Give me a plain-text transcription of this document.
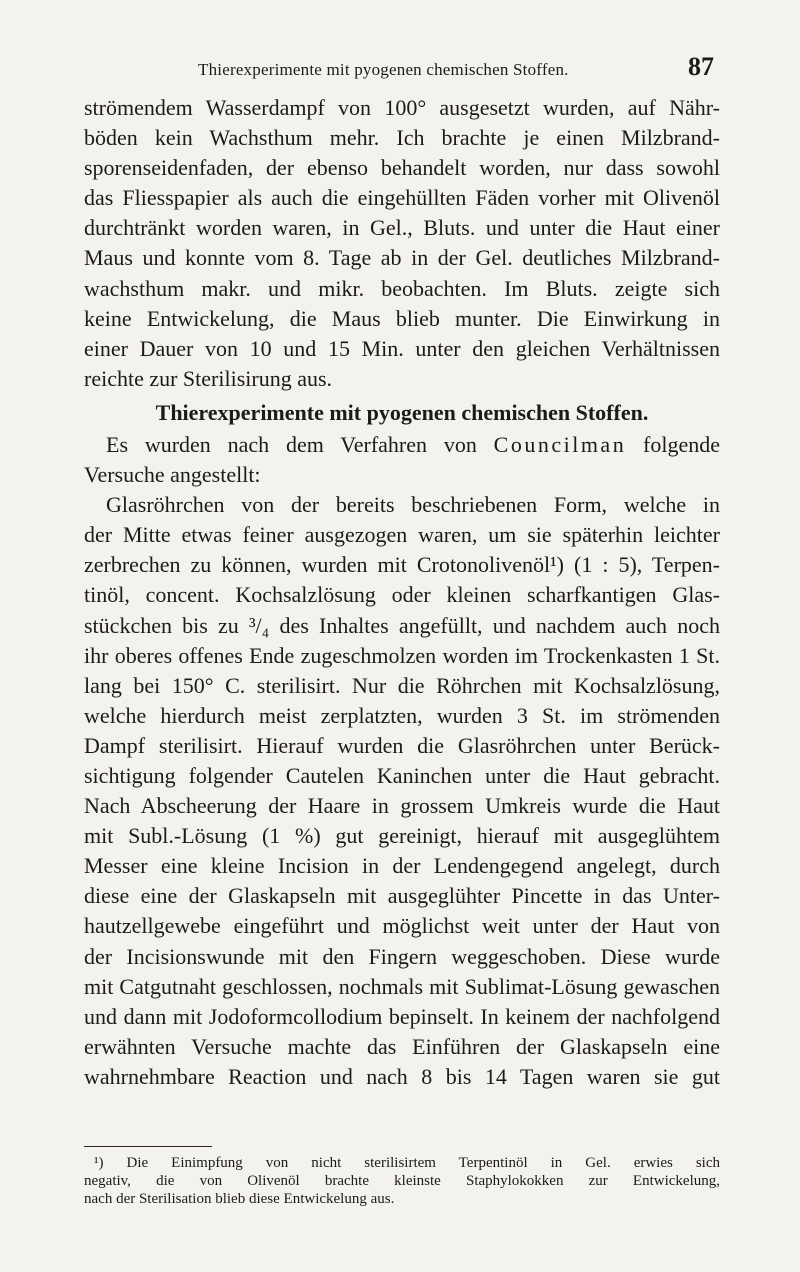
Thierexperimente mit pyogenen chemischen Stoffen.	87
strömendem Wasserdampf von 100° ausgesetzt wurden, auf Nähr-
böden kein Wachsthum mehr. Ich brachte je einen Milzbrand-
sporenseidenfaden, der ebenso behandelt worden, nur dass sowohl
das Fliesspapier als auch die eingehüllten Fäden vorher mit Olivenöl
durchtränkt worden waren, in Gel., Bluts. und unter die Haut einer
Maus und konnte vom 8. Tage ab in der Gel. deutliches Milzbrand-
wachsthum makr. und mikr. beobachten. Im Bluts. zeigte sich
keine Entwickelung, die Maus blieb munter. Die Einwirkung in
einer Dauer von 10 und 15 Min. unter den gleichen Verhältnissen
reichte zur Sterilisirung aus.
Thierexperimente mit pyogenen chemischen Stoffen.
Es wurden nach dem Verfahren von Councilman folgende
Versuche angestellt:
Glasröhrchen von der bereits beschriebenen Form, welche in
der Mitte etwas feiner ausgezogen waren, um sie späterhin leichter
zerbrechen zu können, wurden mit Crotonolivenöl¹) (1 : 5), Terpen-
tinöl, concent. Kochsalzlösung oder kleinen scharfkantigen Glas-
stückchen bis zu ³/₄ des Inhaltes angefüllt, und nachdem auch noch
ihr oberes offenes Ende zugeschmolzen worden im Trockenkasten 1 St.
lang bei 150° C. sterilisirt. Nur die Röhrchen mit Kochsalzlösung,
welche hierdurch meist zerplatzten, wurden 3 St. im strömenden
Dampf sterilisirt. Hierauf wurden die Glasröhrchen unter Berück-
sichtigung folgender Cautelen Kaninchen unter die Haut gebracht.
Nach Abscheerung der Haare in grossem Umkreis wurde die Haut
mit Subl.-Lösung (1 %) gut gereinigt, hierauf mit ausgeglühtem
Messer eine kleine Incision in der Lendengegend angelegt, durch
diese eine der Glaskapseln mit ausgeglühter Pincette in das Unter-
hautzellgewebe eingeführt und möglichst weit unter der Haut von
der Incisionswunde mit den Fingern weggeschoben. Diese wurde
mit Catgutnaht geschlossen, nochmals mit Sublimat-Lösung gewaschen
und dann mit Jodoformcollodium bepinselt. In keinem der nachfolgend
erwähnten Versuche machte das Einführen der Glaskapseln eine
wahrnehmbare Reaction und nach 8 bis 14 Tagen waren sie gut
¹) Die Einimpfung von nicht sterilisirtem Terpentinöl in Gel. erwies sich
negativ, die von Olivenöl brachte kleinste Staphylokokken zur Entwickelung,
nach der Sterilisation blieb diese Entwickelung aus.
